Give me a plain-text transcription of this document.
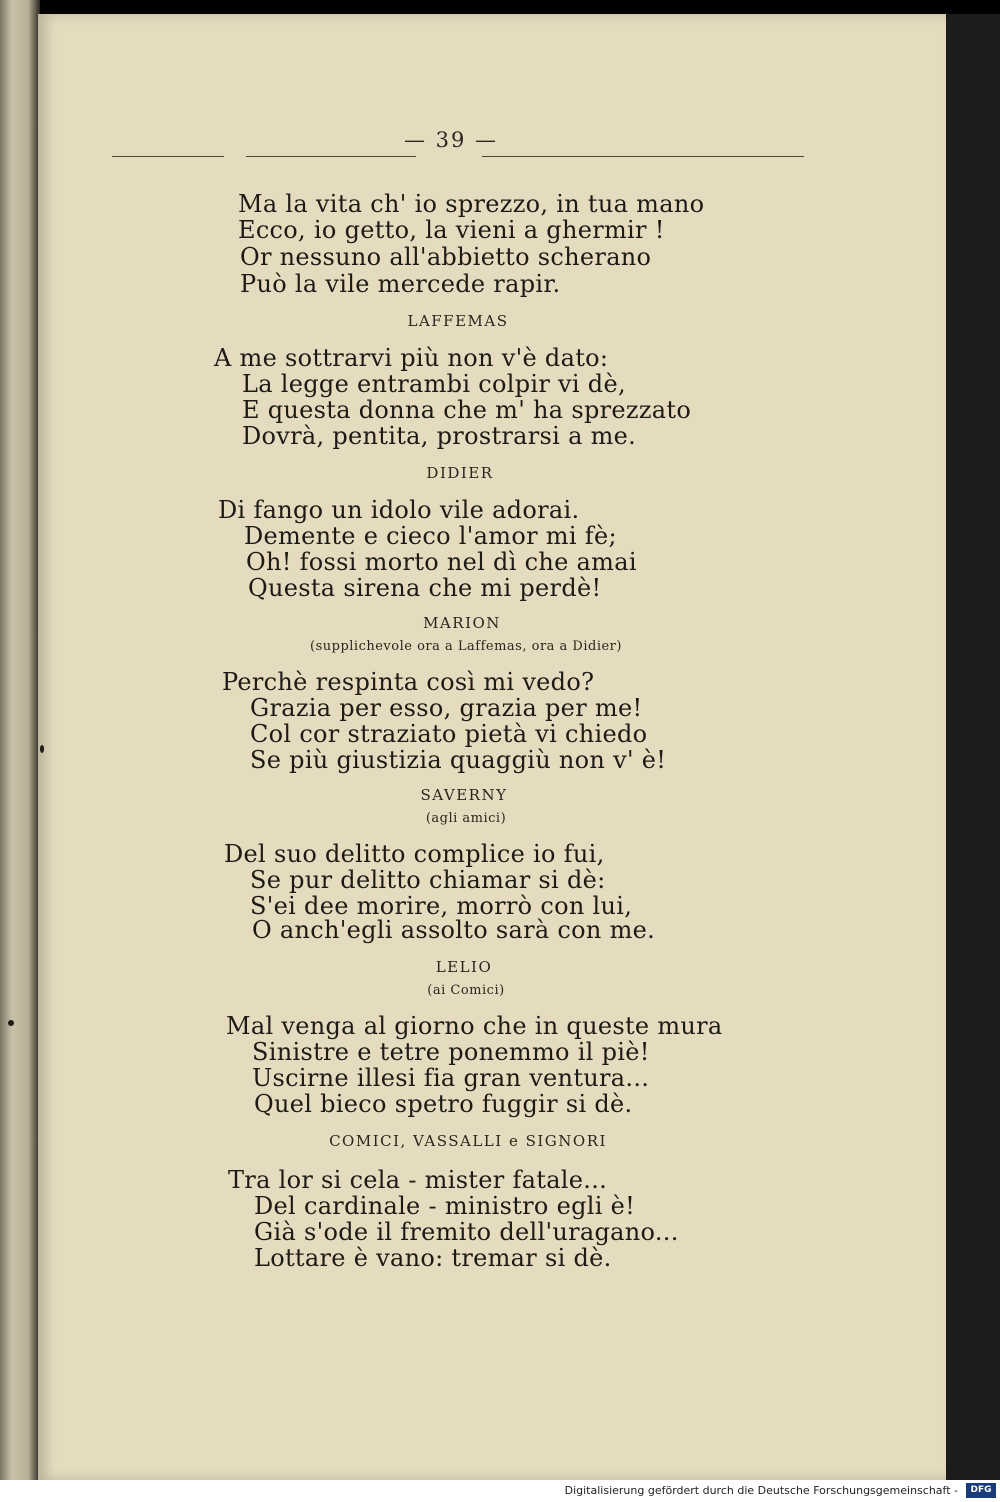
— 39 —
Ma la vita ch' io sprezzo, in tua mano
Ecco, io getto, la vieni a ghermir !
Or nessuno all'abbietto scherano
Può la vile mercede rapir.
LAFFEMAS
A me sottrarvi più non v'è dato:
La legge entrambi colpir vi dè,
E questa donna che m' ha sprezzato
Dovrà, pentita, prostrarsi a me.
DIDIER
Di fango un idolo vile adorai.
Demente e cieco l'amor mi fè;
Oh! fossi morto nel dì che amai
Questa sirena che mi perdè!
MARION
(supplichevole ora a Laffemas, ora a Didier)
Perchè respinta così mi vedo?
Grazia per esso, grazia per me!
Col cor straziato pietà vi chiedo
Se più giustizia quaggiù non v' è!
SAVERNY
(agli amici)
Del suo delitto complice io fui,
Se pur delitto chiamar si dè:
S'ei dee morire, morrò con lui,
O anch'egli assolto sarà con me.
LELIO
(ai Comici)
Mal venga al giorno che in queste mura
Sinistre e tetre ponemmo il piè!
Uscirne illesi fia gran ventura...
Quel bieco spetro fuggir si dè.
COMICI, VASSALLI e SIGNORI
Tra lor si cela - mister fatale...
Del cardinale - ministro egli è!
Già s'ode il fremito dell'uragano...
Lottare è vano: tremar si dè.
Digitalisierung gefördert durch die Deutsche Forschungsgemeinschaft -	DFG
